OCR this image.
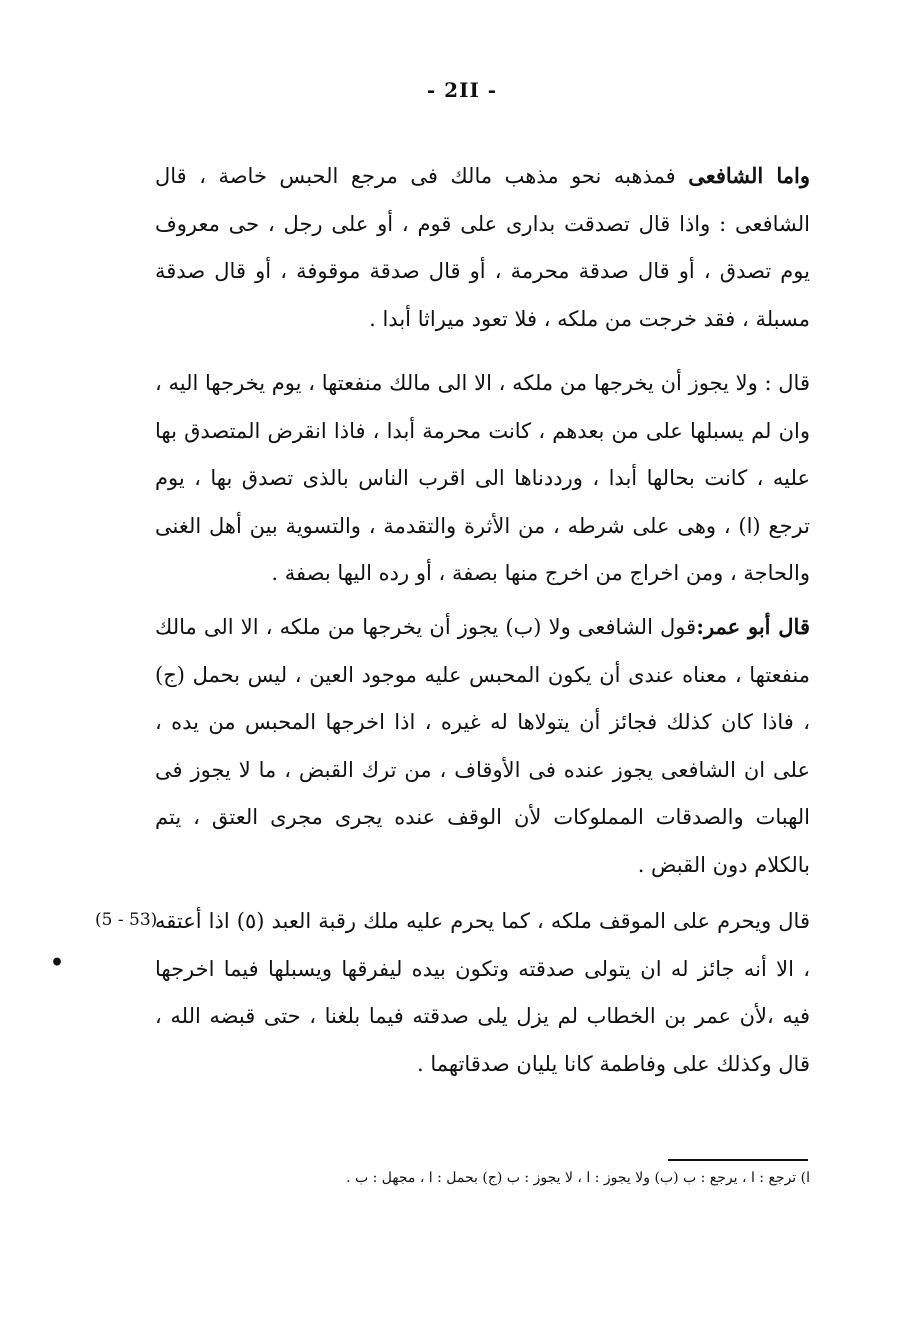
- 2II -
واما الشافعى فمذهبه نحو مذهب مالك فى مرجع الحبس خاصة ، قال الشافعى : واذا قال تصدقت بدارى على قوم ، أو على رجل ، حى معروف يوم تصدق ، أو قال صدقة محرمة ، أو قال صدقة موقوفة ، أو قال صدقة مسبلة ، فقد خرجت من ملكه ، فلا تعود ميراثا أبدا .
قال : ولا يجوز أن يخرجها من ملكه ، الا الى مالك منفعتها ، يوم يخرجها اليه ، وان لم يسبلها على من بعدهم ، كانت محرمة أبدا ، فاذا انقرض المتصدق بها عليه ، كانت بحالها أبدا ، ورددناها الى اقرب الناس بالذى تصدق بها ، يوم ترجع (ا) ، وهى على شرطه ، من الأثرة والتقدمة ، والتسوية بين أهل الغنى والحاجة ، ومن اخراج من اخرج منها بصفة ، أو رده اليها بصفة .
قال أبو عمر:قول الشافعى ولا (ب) يجوز أن يخرجها من ملكه ، الا الى مالك منفعتها ، معناه عندى أن يكون المحبس عليه موجود العين ، ليس بحمل (ج) ، فاذا كان كذلك فجائز أن يتولاها له غيره ، اذا اخرجها المحبس من يده ، على ان الشافعى يجوز عنده فى الأوقاف ، من ترك القبض ، ما لا يجوز فى الهبات والصدقات المملوكات لأن الوقف عنده يجرى مجرى العتق ، يتم بالكلام دون القبض .
قال ويحرم على الموقف ملكه ، كما يحرم عليه ملك رقبة العبد (٥) اذا أعتقه ، الا أنه جائز له ان يتولى صدقته وتكون بيده ليفرقها ويسبلها فيما اخرجها فيه ،لأن عمر بن الخطاب لم يزل يلى صدقته فيما بلغنا ، حتى قبضه الله ، قال وكذلك على وفاطمة كانا يليان صدقاتهما .
(5 - 53)
•
ا) ترجع : ا ، يرجع : ب (ب) ولا يجوز : ا ، لا يجوز : ب (ج) بحمل : ا ، مجهل : ب .
